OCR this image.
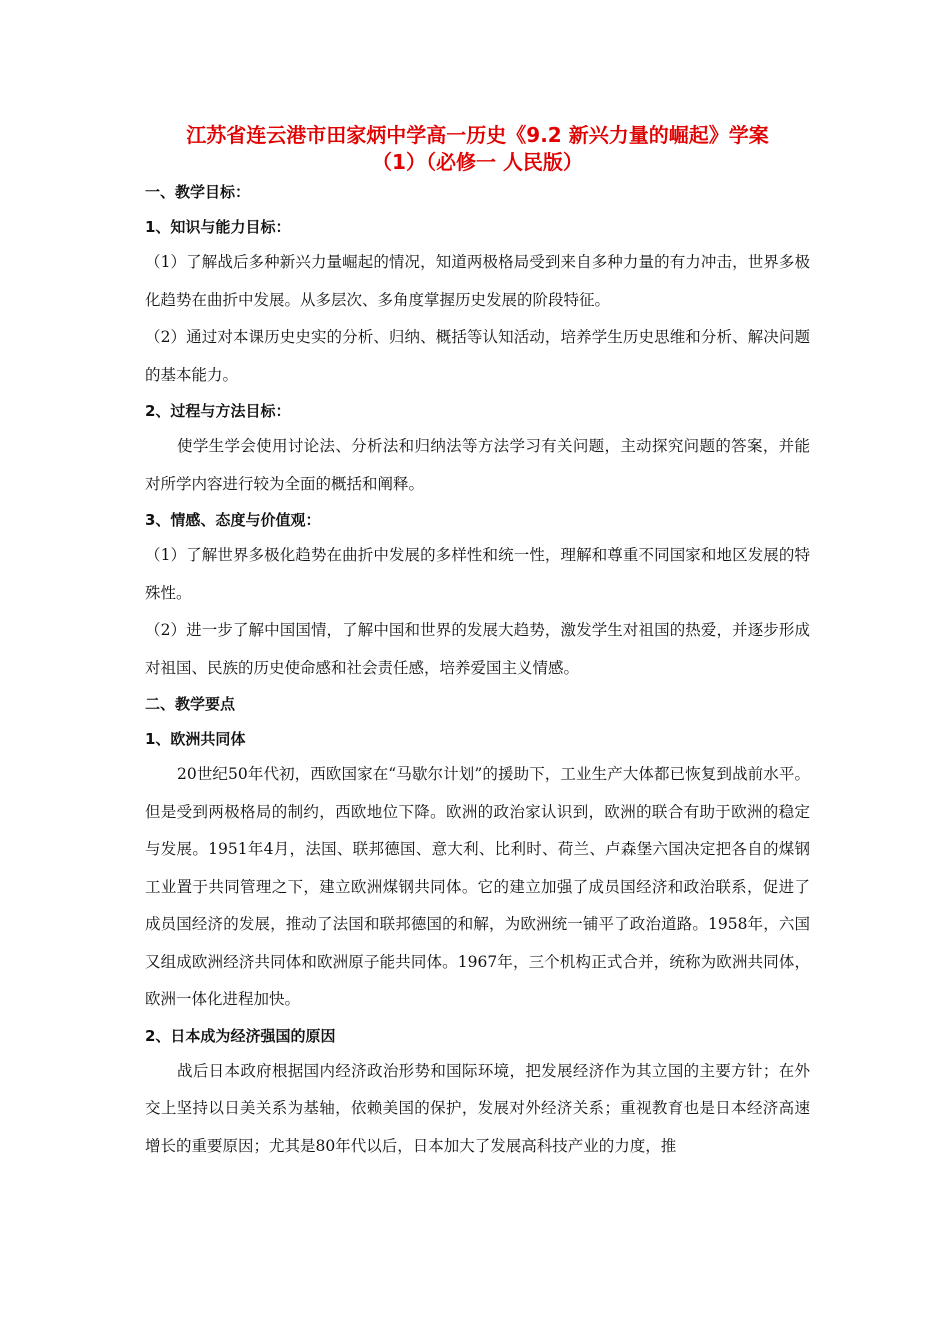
江苏省连云港市田家炳中学高一历史《9.2 新兴力量的崛起》学案
（1）（必修一 人民版）

一、教学目标：

1、知识与能力目标：

（1）了解战后多种新兴力量崛起的情况，知道两极格局受到来自多种力量的有力冲击，世界多极化趋势在曲折中发展。从多层次、多角度掌握历史发展的阶段特征。

（2）通过对本课历史史实的分析、归纳、概括等认知活动，培养学生历史思维和分析、解决问题的基本能力。

2、过程与方法目标：

使学生学会使用讨论法、分析法和归纳法等方法学习有关问题，主动探究问题的答案，并能对所学内容进行较为全面的概括和阐释。

3、情感、态度与价值观：

（1）了解世界多极化趋势在曲折中发展的多样性和统一性，理解和尊重不同国家和地区发展的特殊性。

（2）进一步了解中国国情，了解中国和世界的发展大趋势，激发学生对祖国的热爱，并逐步形成对祖国、民族的历史使命感和社会责任感，培养爱国主义情感。

二、教学要点

1、欧洲共同体

20世纪50年代初，西欧国家在“马歇尔计划”的援助下，工业生产大体都已恢复到战前水平。但是受到两极格局的制约，西欧地位下降。欧洲的政治家认识到，欧洲的联合有助于欧洲的稳定与发展。1951年4月，法国、联邦德国、意大利、比利时、荷兰、卢森堡六国决定把各自的煤钢工业置于共同管理之下，建立欧洲煤钢共同体。它的建立加强了成员国经济和政治联系，促进了成员国经济的发展，推动了法国和联邦德国的和解，为欧洲统一铺平了政治道路。1958年，六国又组成欧洲经济共同体和欧洲原子能共同体。1967年，三个机构正式合并，统称为欧洲共同体，欧洲一体化进程加快。

2、日本成为经济强国的原因

战后日本政府根据国内经济政治形势和国际环境，把发展经济作为其立国的主要方针；在外交上坚持以日美关系为基轴，依赖美国的保护，发展对外经济关系；重视教育也是日本经济高速增长的重要原因；尤其是80年代以后，日本加大了发展高科技产业的力度，推
